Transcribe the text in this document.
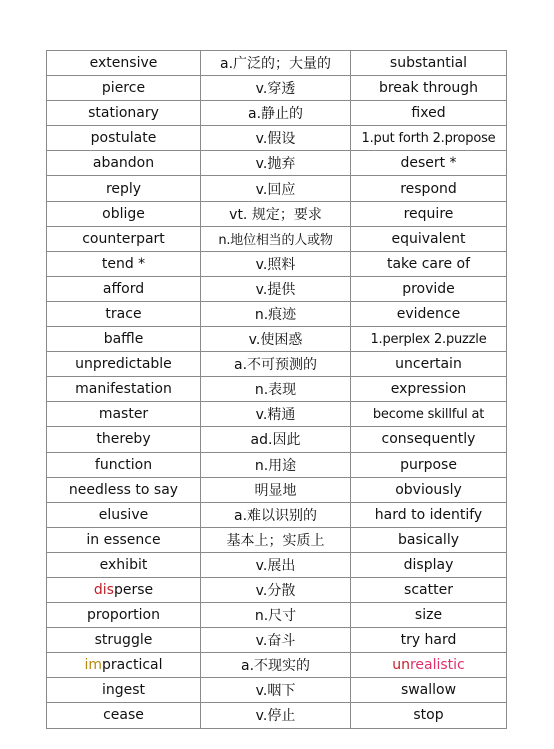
extensive	a.广泛的；大量的	substantial
pierce	v.穿透	break through
stationary	a.静止的	fixed
postulate	v.假设	1.put forth 2.propose
abandon	v.抛弃	desert *
reply	v.回应	respond
oblige	vt. 规定；要求	require
counterpart	n.地位相当的人或物	equivalent
tend *	v.照料	take care of
afford	v.提供	provide
trace	n.痕迹	evidence
baffle	v.使困惑	1.perplex 2.puzzle
unpredictable	a.不可预测的	uncertain
manifestation	n.表现	expression
master	v.精通	become skillful at
thereby	ad.因此	consequently
function	n.用途	purpose
needless to say	明显地	obviously
elusive	a.难以识别的	hard to identify
in essence	基本上；实质上	basically
exhibit	v.展出	display
disperse	v.分散	scatter
proportion	n.尺寸	size
struggle	v.奋斗	try hard
impractical	a.不现实的	unrealistic
ingest	v.咽下	swallow
cease	v.停止	stop
